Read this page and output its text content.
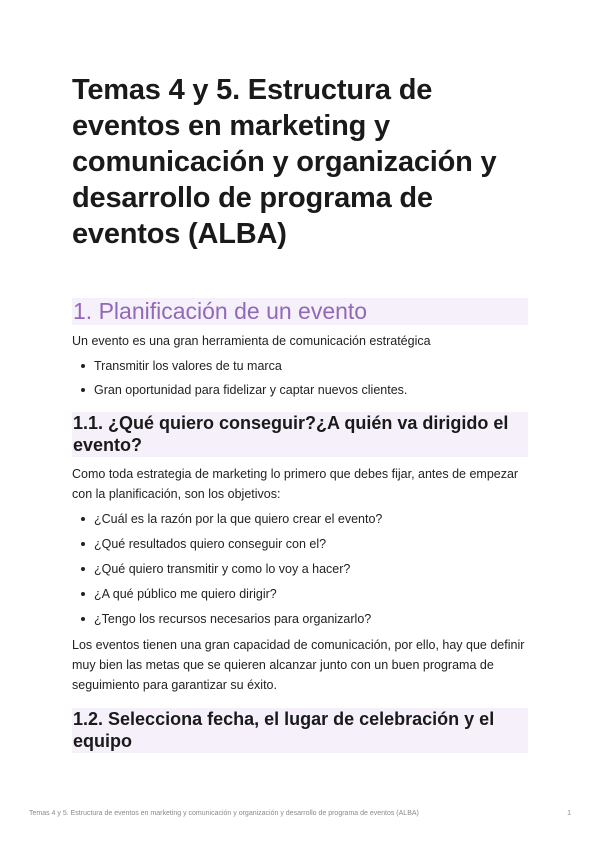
Temas 4 y 5. Estructura de eventos en marketing y comunicación y organización y desarrollo de programa de eventos (ALBA)
1. Planificación de un evento
Un evento es una gran herramienta de comunicación estratégica
Transmitir los valores de tu marca
Gran oportunidad para fidelizar y captar nuevos clientes.
1.1. ¿Qué quiero conseguir?¿A quién va dirigido el evento?
Como toda estrategia de marketing lo primero que debes fijar, antes de empezar con la planificación, son los objetivos:
¿Cuál es la razón por la que quiero crear el evento?
¿Qué resultados quiero conseguir con el?
¿Qué quiero transmitir y como lo voy a hacer?
¿A qué público me quiero dirigir?
¿Tengo los recursos necesarios para organizarlo?
Los eventos tienen una gran capacidad de comunicación, por ello, hay que definir muy bien las metas que se quieren alcanzar junto con un buen programa de seguimiento para garantizar su éxito.
1.2. Selecciona fecha, el lugar de celebración y el equipo
Temas 4 y 5. Estructura de eventos en marketing y comunicación y organización y desarrollo de programa de eventos (ALBA)	1
